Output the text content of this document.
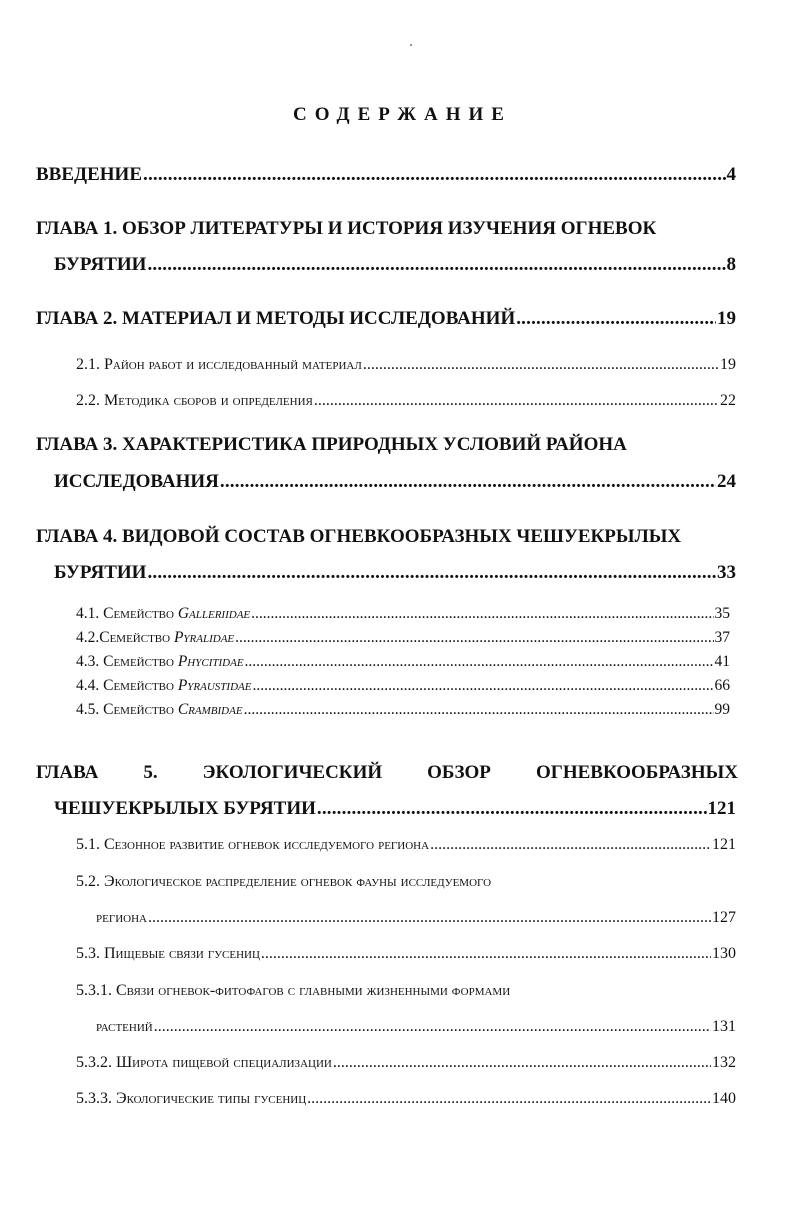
СОДЕРЖАНИЕ
ВВЕДЕНИЕ .....	4
ГЛАВА 1. ОБЗОР ЛИТЕРАТУРЫ И ИСТОРИЯ ИЗУЧЕНИЯ ОГНЕВОК
БУРЯТИИ .....	8
ГЛАВА 2. МАТЕРИАЛ И МЕТОДЫ ИССЛЕДОВАНИЙ .....	19
2.1. Район работ и исследованный материал .....	19
2.2. Методика сборов и определения .....	22
ГЛАВА 3. ХАРАКТЕРИСТИКА ПРИРОДНЫХ УСЛОВИЙ РАЙОНА
ИССЛЕДОВАНИЯ .....	24
ГЛАВА 4. ВИДОВОЙ СОСТАВ ОГНЕВКООБРАЗНЫХ ЧЕШУЕКРЫЛЫХ
БУРЯТИИ .....	33
4.1. Семейство Galleriidae .....	35
4.2.Семейство Pyralidae .....	37
4.3. Семейство Phycitidae .....	41
4.4. Семейство Pyraustidae .....	66
4.5. Семейство Crambidae .....	99
ГЛАВА 5. ЭКОЛОГИЧЕСКИЙ ОБЗОР ОГНЕВКООБРАЗНЫХ
ЧЕШУЕКРЫЛЫХ БУРЯТИИ .....	121
5.1. Сезонное развитие огневок исследуемого региона .....	121
5.2. Экологическое распределение огневок фауны исследуемого
региона .....	127
5.3. Пищевые связи гусениц .....	130
5.3.1. Связи огневок-фитофагов с главными жизненными формами
растений .....	131
5.3.2. Широта пищевой специализации .....	132
5.3.3. Экологические типы гусениц .....	140
